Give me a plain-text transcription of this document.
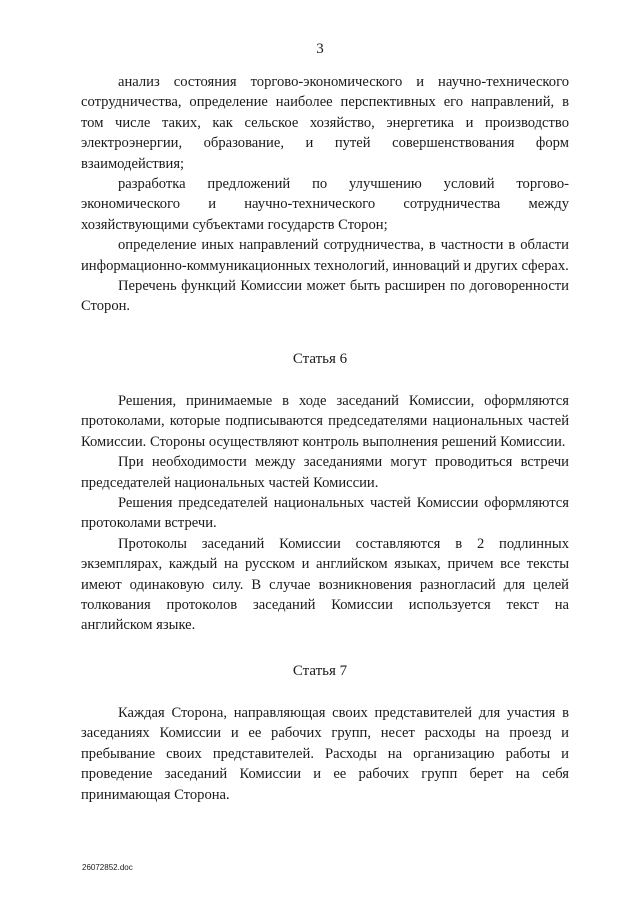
3

анализ состояния торгово-экономического и научно-технического сотрудничества, определение наиболее перспективных его направлений, в том числе таких, как сельское хозяйство, энергетика и производство электроэнергии, образование, и путей совершенствования форм взаимодействия;

разработка предложений по улучшению условий торгово-экономического и научно-технического сотрудничества между хозяйствующими субъектами государств Сторон;

определение иных направлений сотрудничества, в частности в области информационно-коммуникационных технологий, инноваций и других сферах.

Перечень функций Комиссии может быть расширен по договоренности Сторон.

Статья 6

Решения, принимаемые в ходе заседаний Комиссии, оформляются протоколами, которые подписываются председателями национальных частей Комиссии. Стороны осуществляют контроль выполнения решений Комиссии.

При необходимости между заседаниями могут проводиться встречи председателей национальных частей Комиссии.

Решения председателей национальных частей Комиссии оформляются протоколами встречи.

Протоколы заседаний Комиссии составляются в 2 подлинных экземплярах, каждый на русском и английском языках, причем все тексты имеют одинаковую силу. В случае возникновения разногласий для целей толкования протоколов заседаний Комиссии используется текст на английском языке.

Статья 7

Каждая Сторона, направляющая своих представителей для участия в заседаниях Комиссии и ее рабочих групп, несет расходы на проезд и пребывание своих представителей. Расходы на организацию работы и проведение заседаний Комиссии и ее рабочих групп берет на себя принимающая Сторона.

26072852.doc
